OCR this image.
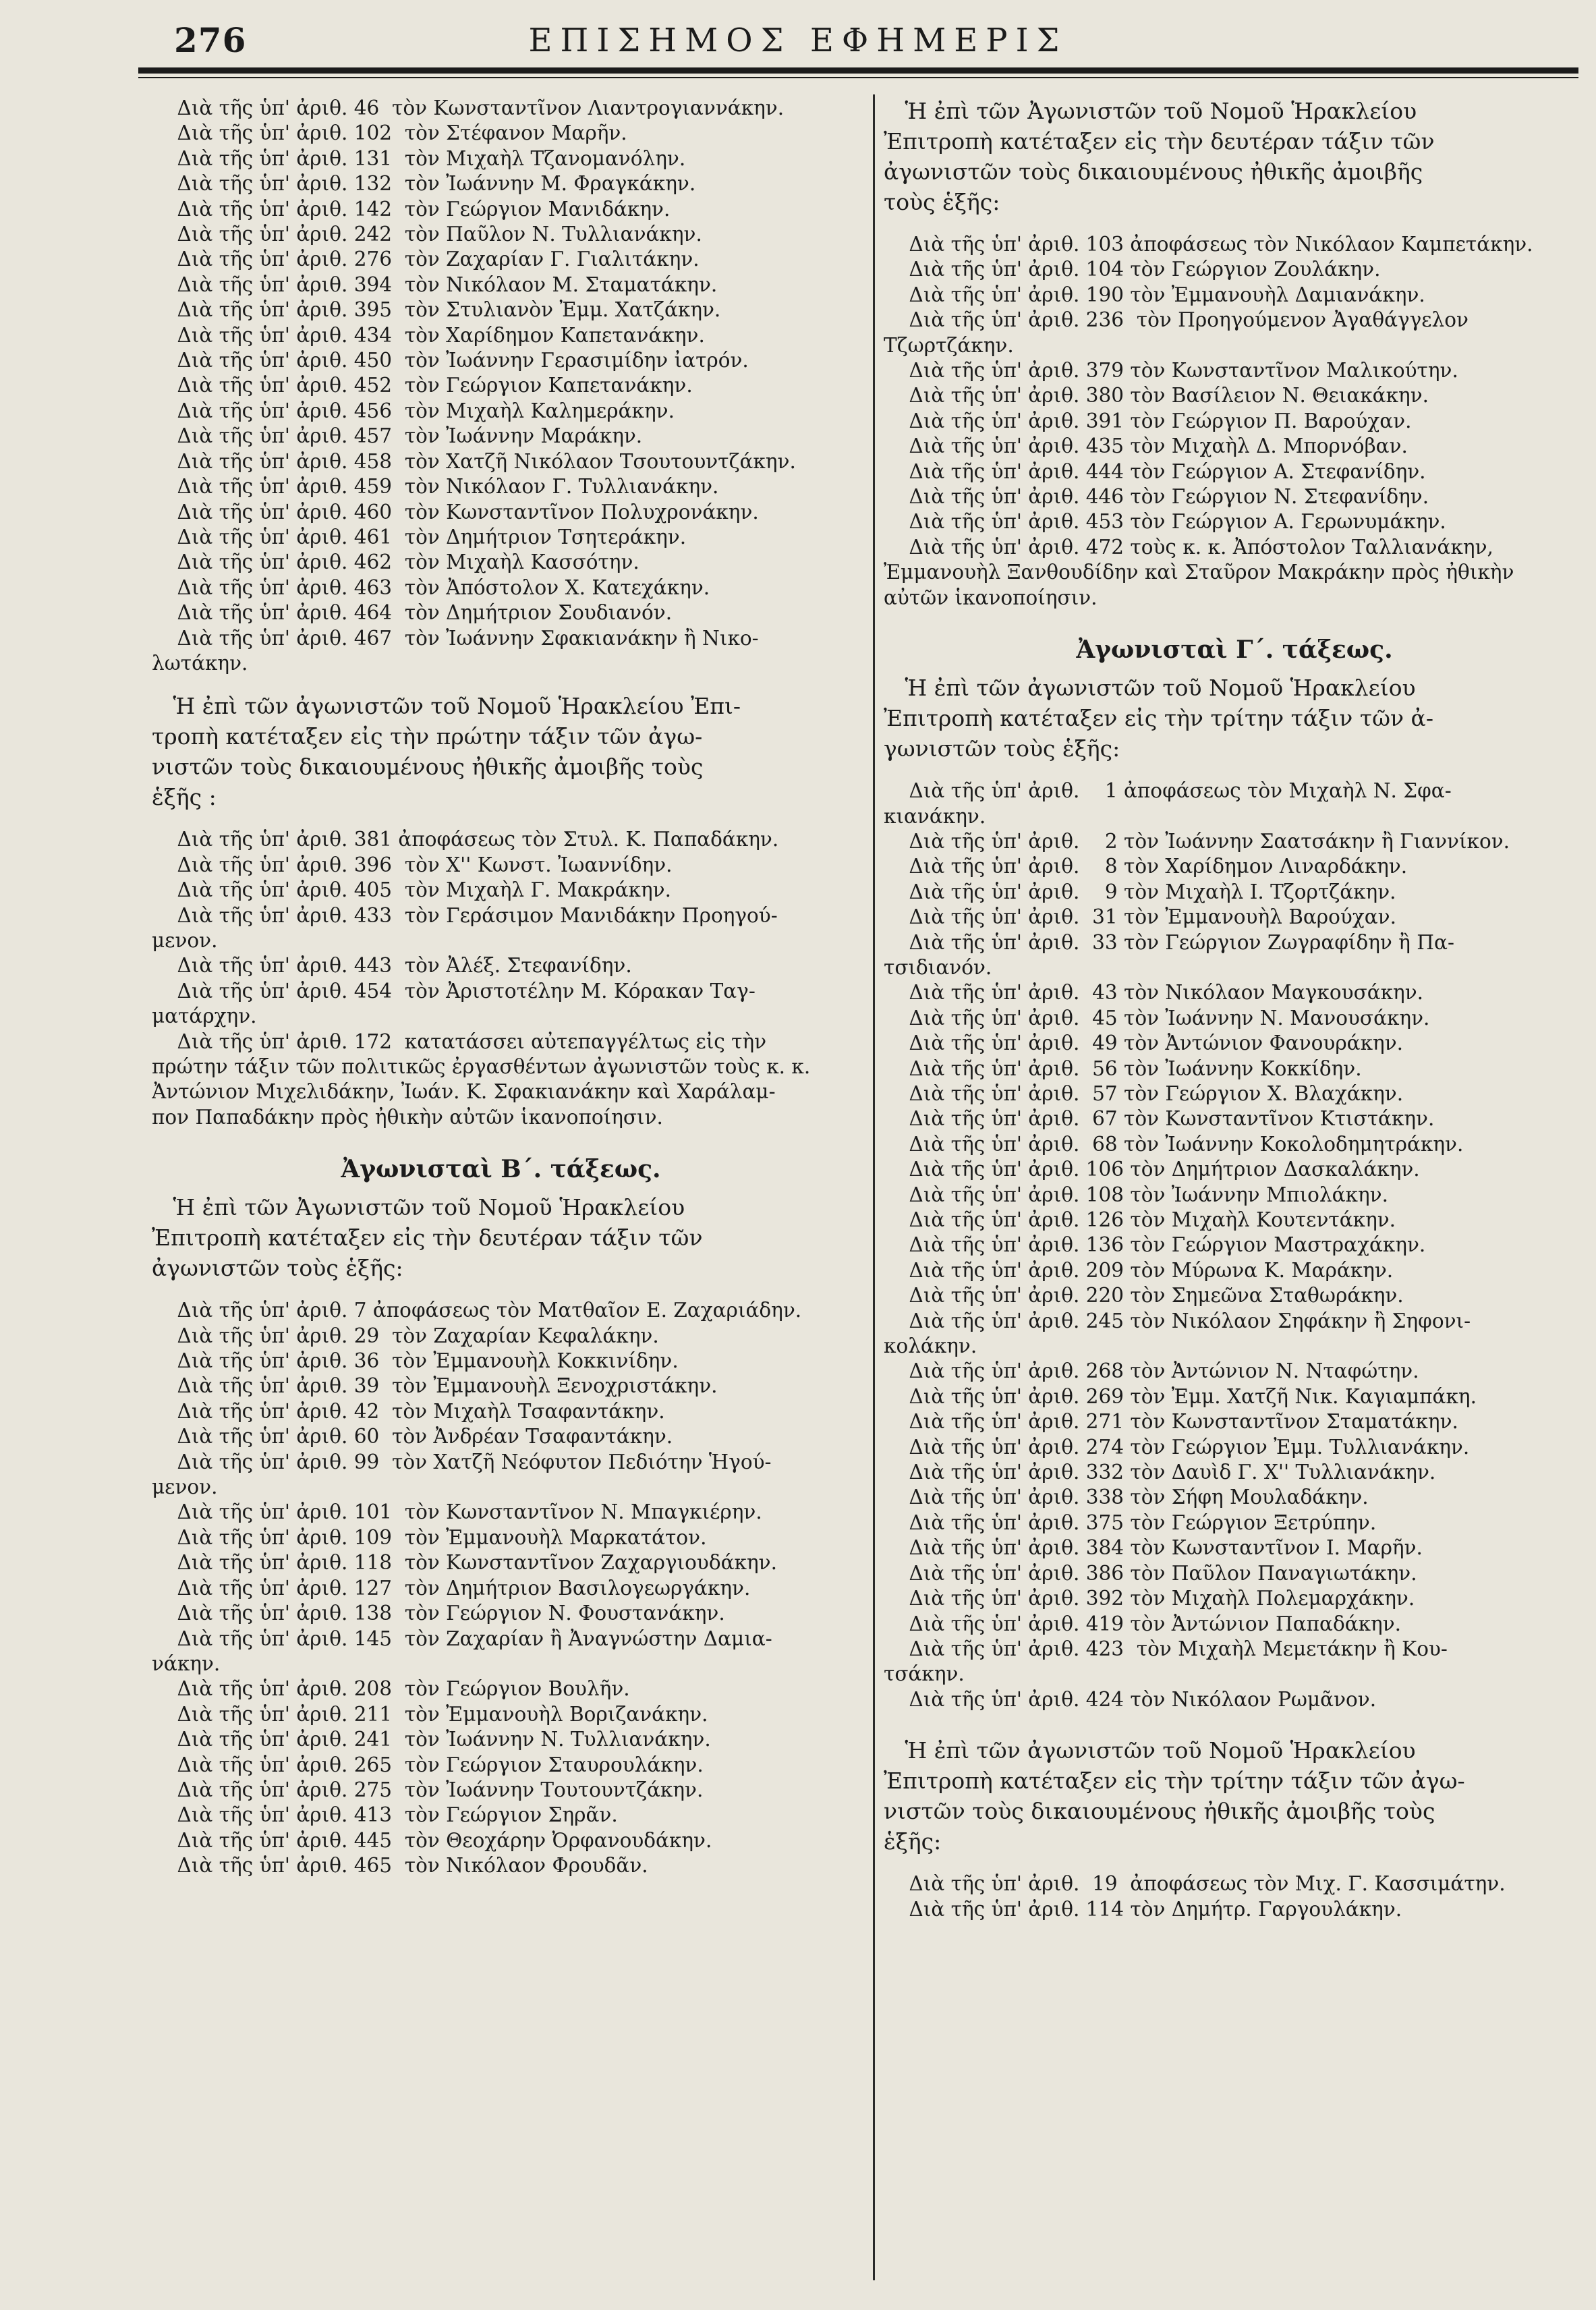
276	ΕΠΙΣΗΜΟΣ ΕΦΗΜΕΡΙΣ
Διὰ τῆς ὑπ' ἀριθ. 46  τὸν Κωνσταντῖνον Λιαντρογιαννάκην.
Διὰ τῆς ὑπ' ἀριθ. 102  τὸν Στέφανον Μαρῆν.
Διὰ τῆς ὑπ' ἀριθ. 131  τὸν Μιχαὴλ Τζανομανόλην.
Διὰ τῆς ὑπ' ἀριθ. 132  τὸν Ἰωάννην Μ. Φραγκάκην.
Διὰ τῆς ὑπ' ἀριθ. 142  τὸν Γεώργιον Μανιδάκην.
Διὰ τῆς ὑπ' ἀριθ. 242  τὸν Παῦλον Ν. Τυλλιανάκην.
Διὰ τῆς ὑπ' ἀριθ. 276  τὸν Ζαχαρίαν Γ. Γιαλιτάκην.
Διὰ τῆς ὑπ' ἀριθ. 394  τὸν Νικόλαον Μ. Σταματάκην.
Διὰ τῆς ὑπ' ἀριθ. 395  τὸν Στυλιανὸν Ἐμμ. Χατζάκην.
Διὰ τῆς ὑπ' ἀριθ. 434  τὸν Χαρίδημον Καπετανάκην.
Διὰ τῆς ὑπ' ἀριθ. 450  τὸν Ἰωάννην Γερασιμίδην ἰατρόν.
Διὰ τῆς ὑπ' ἀριθ. 452  τὸν Γεώργιον Καπετανάκην.
Διὰ τῆς ὑπ' ἀριθ. 456  τὸν Μιχαὴλ Καλημεράκην.
Διὰ τῆς ὑπ' ἀριθ. 457  τὸν Ἰωάννην Μαράκην.
Διὰ τῆς ὑπ' ἀριθ. 458  τὸν Χατζῆ Νικόλαον Τσουτουντζάκην.
Διὰ τῆς ὑπ' ἀριθ. 459  τὸν Νικόλαον Γ. Τυλλιανάκην.
Διὰ τῆς ὑπ' ἀριθ. 460  τὸν Κωνσταντῖνον Πολυχρονάκην.
Διὰ τῆς ὑπ' ἀριθ. 461  τὸν Δημήτριον Τσητεράκην.
Διὰ τῆς ὑπ' ἀριθ. 462  τὸν Μιχαὴλ Κασσότην.
Διὰ τῆς ὑπ' ἀριθ. 463  τὸν Ἀπόστολον Χ. Κατεχάκην.
Διὰ τῆς ὑπ' ἀριθ. 464  τὸν Δημήτριον Σουδιανόν.
Διὰ τῆς ὑπ' ἀριθ. 467  τὸν Ἰωάννην Σφακιανάκην ἢ Νικο-
λωτάκην.
Ἡ ἐπὶ τῶν ἀγωνιστῶν τοῦ Νομοῦ Ἡρακλείου Ἐπι-
τροπὴ κατέταξεν εἰς τὴν πρώτην τάξιν τῶν ἀγω-
νιστῶν τοὺς δικαιουμένους ἠθικῆς ἀμοιβῆς τοὺς
ἑξῆς :
Διὰ τῆς ὑπ' ἀριθ. 381 ἀποφάσεως τὸν Στυλ. Κ. Παπαδάκην.
Διὰ τῆς ὑπ' ἀριθ. 396  τὸν Χ'' Κωνστ. Ἰωαννίδην.
Διὰ τῆς ὑπ' ἀριθ. 405  τὸν Μιχαὴλ Γ. Μακράκην.
Διὰ τῆς ὑπ' ἀριθ. 433  τὸν Γεράσιμον Μανιδάκην Προηγού-
μενον.
Διὰ τῆς ὑπ' ἀριθ. 443  τὸν Ἀλέξ. Στεφανίδην.
Διὰ τῆς ὑπ' ἀριθ. 454  τὸν Ἀριστοτέλην Μ. Κόρακαν Ταγ-
ματάρχην.
Διὰ τῆς ὑπ' ἀριθ. 172  κατατάσσει αὐτεπαγγέλτως εἰς τὴν
πρώτην τάξιν τῶν πολιτικῶς ἐργασθέντων ἀγωνιστῶν τοὺς κ. κ.
Ἀντώνιον Μιχελιδάκην, Ἰωάν. Κ. Σφακιανάκην καὶ Χαράλαμ-
πον Παπαδάκην πρὸς ἠθικὴν αὐτῶν ἱκανοποίησιν.
Ἀγωνισταὶ Β΄. τάξεως.
Ἡ ἐπὶ τῶν Ἀγωνιστῶν τοῦ Νομοῦ Ἡρακλείου
Ἐπιτροπὴ κατέταξεν εἰς τὴν δευτέραν τάξιν τῶν
ἀγωνιστῶν τοὺς ἑξῆς:
Διὰ τῆς ὑπ' ἀριθ. 7 ἀποφάσεως τὸν Ματθαῖον Ε. Ζαχαριάδην.
Διὰ τῆς ὑπ' ἀριθ. 29  τὸν Ζαχαρίαν Κεφαλάκην.
Διὰ τῆς ὑπ' ἀριθ. 36  τὸν Ἐμμανουὴλ Κοκκινίδην.
Διὰ τῆς ὑπ' ἀριθ. 39  τὸν Ἐμμανουὴλ Ξενοχριστάκην.
Διὰ τῆς ὑπ' ἀριθ. 42  τὸν Μιχαὴλ Τσαφαντάκην.
Διὰ τῆς ὑπ' ἀριθ. 60  τὸν Ἀνδρέαν Τσαφαντάκην.
Διὰ τῆς ὑπ' ἀριθ. 99  τὸν Χατζῆ Νεόφυτον Πεδιότην Ἡγού-
μενον.
Διὰ τῆς ὑπ' ἀριθ. 101  τὸν Κωνσταντῖνον Ν. Μπαγκιέρην.
Διὰ τῆς ὑπ' ἀριθ. 109  τὸν Ἐμμανουὴλ Μαρκατάτον.
Διὰ τῆς ὑπ' ἀριθ. 118  τὸν Κωνσταντῖνον Ζαχαργιουδάκην.
Διὰ τῆς ὑπ' ἀριθ. 127  τὸν Δημήτριον Βασιλογεωργάκην.
Διὰ τῆς ὑπ' ἀριθ. 138  τὸν Γεώργιον Ν. Φουστανάκην.
Διὰ τῆς ὑπ' ἀριθ. 145  τὸν Ζαχαρίαν ἢ Ἀναγνώστην Δαμια-
νάκην.
Διὰ τῆς ὑπ' ἀριθ. 208  τὸν Γεώργιον Βουλῆν.
Διὰ τῆς ὑπ' ἀριθ. 211  τὸν Ἐμμανουὴλ Βοριζανάκην.
Διὰ τῆς ὑπ' ἀριθ. 241  τὸν Ἰωάννην Ν. Τυλλιανάκην.
Διὰ τῆς ὑπ' ἀριθ. 265  τὸν Γεώργιον Σταυρουλάκην.
Διὰ τῆς ὑπ' ἀριθ. 275  τὸν Ἰωάννην Τουτουντζάκην.
Διὰ τῆς ὑπ' ἀριθ. 413  τὸν Γεώργιον Σηρᾶν.
Διὰ τῆς ὑπ' ἀριθ. 445  τὸν Θεοχάρην Ὀρφανουδάκην.
Διὰ τῆς ὑπ' ἀριθ. 465  τὸν Νικόλαον Φρουδᾶν.
Ἡ ἐπὶ τῶν Ἀγωνιστῶν τοῦ Νομοῦ Ἡρακλείου
Ἐπιτροπὴ κατέταξεν εἰς τὴν δευτέραν τάξιν τῶν
ἀγωνιστῶν τοὺς δικαιουμένους ἠθικῆς ἀμοιβῆς
τοὺς ἑξῆς:
Διὰ τῆς ὑπ' ἀριθ. 103 ἀποφάσεως τὸν Νικόλαον Καμπετάκην.
Διὰ τῆς ὑπ' ἀριθ. 104 τὸν Γεώργιον Ζουλάκην.
Διὰ τῆς ὑπ' ἀριθ. 190 τὸν Ἐμμανουὴλ Δαμιανάκην.
Διὰ τῆς ὑπ' ἀριθ. 236  τὸν Προηγούμενον Ἀγαθάγγελον
Τζωρτζάκην.
Διὰ τῆς ὑπ' ἀριθ. 379 τὸν Κωνσταντῖνον Μαλικούτην.
Διὰ τῆς ὑπ' ἀριθ. 380 τὸν Βασίλειον Ν. Θειακάκην.
Διὰ τῆς ὑπ' ἀριθ. 391 τὸν Γεώργιον Π. Βαρούχαν.
Διὰ τῆς ὑπ' ἀριθ. 435 τὸν Μιχαὴλ Δ. Μπορνόβαν.
Διὰ τῆς ὑπ' ἀριθ. 444 τὸν Γεώργιον Α. Στεφανίδην.
Διὰ τῆς ὑπ' ἀριθ. 446 τὸν Γεώργιον Ν. Στεφανίδην.
Διὰ τῆς ὑπ' ἀριθ. 453 τὸν Γεώργιον Α. Γερωνυμάκην.
Διὰ τῆς ὑπ' ἀριθ. 472 τοὺς κ. κ. Ἀπόστολον Ταλλιανάκην,
Ἐμμανουὴλ Ξανθουδίδην καὶ Σταῦρον Μακράκην πρὸς ἠθικὴν
αὐτῶν ἱκανοποίησιν.
Ἀγωνισταὶ Γ΄. τάξεως.
Ἡ ἐπὶ τῶν ἀγωνιστῶν τοῦ Νομοῦ Ἡρακλείου
Ἐπιτροπὴ κατέταξεν εἰς τὴν τρίτην τάξιν τῶν ἀ-
γωνιστῶν τοὺς ἑξῆς:
Διὰ τῆς ὑπ' ἀριθ.    1 ἀποφάσεως τὸν Μιχαὴλ Ν. Σφα-
κιανάκην.
Διὰ τῆς ὑπ' ἀριθ.    2 τὸν Ἰωάννην Σαατσάκην ἢ Γιαννίκον.
Διὰ τῆς ὑπ' ἀριθ.    8 τὸν Χαρίδημον Λιναρδάκην.
Διὰ τῆς ὑπ' ἀριθ.    9 τὸν Μιχαὴλ Ι. Τζορτζάκην.
Διὰ τῆς ὑπ' ἀριθ.  31 τὸν Ἐμμανουὴλ Βαρούχαν.
Διὰ τῆς ὑπ' ἀριθ.  33 τὸν Γεώργιον Ζωγραφίδην ἢ Πα-
τσιδιανόν.
Διὰ τῆς ὑπ' ἀριθ.  43 τὸν Νικόλαον Μαγκουσάκην.
Διὰ τῆς ὑπ' ἀριθ.  45 τὸν Ἰωάννην Ν. Μανουσάκην.
Διὰ τῆς ὑπ' ἀριθ.  49 τὸν Ἀντώνιον Φανουράκην.
Διὰ τῆς ὑπ' ἀριθ.  56 τὸν Ἰωάννην Κοκκίδην.
Διὰ τῆς ὑπ' ἀριθ.  57 τὸν Γεώργιον Χ. Βλαχάκην.
Διὰ τῆς ὑπ' ἀριθ.  67 τὸν Κωνσταντῖνον Κτιστάκην.
Διὰ τῆς ὑπ' ἀριθ.  68 τὸν Ἰωάννην Κοκολοδημητράκην.
Διὰ τῆς ὑπ' ἀριθ. 106 τὸν Δημήτριον Δασκαλάκην.
Διὰ τῆς ὑπ' ἀριθ. 108 τὸν Ἰωάννην Μπιολάκην.
Διὰ τῆς ὑπ' ἀριθ. 126 τὸν Μιχαὴλ Κουτεντάκην.
Διὰ τῆς ὑπ' ἀριθ. 136 τὸν Γεώργιον Μαστραχάκην.
Διὰ τῆς ὑπ' ἀριθ. 209 τὸν Μύρωνα Κ. Μαράκην.
Διὰ τῆς ὑπ' ἀριθ. 220 τὸν Σημεῶνα Σταθωράκην.
Διὰ τῆς ὑπ' ἀριθ. 245 τὸν Νικόλαον Σηφάκην ἢ Σηφονι-
κολάκην.
Διὰ τῆς ὑπ' ἀριθ. 268 τὸν Ἀντώνιον Ν. Νταφώτην.
Διὰ τῆς ὑπ' ἀριθ. 269 τὸν Ἐμμ. Χατζῆ Νικ. Καγιαμπάκη.
Διὰ τῆς ὑπ' ἀριθ. 271 τὸν Κωνσταντῖνον Σταματάκην.
Διὰ τῆς ὑπ' ἀριθ. 274 τὸν Γεώργιον Ἐμμ. Τυλλιανάκην.
Διὰ τῆς ὑπ' ἀριθ. 332 τὸν Δαυὶδ Γ. Χ'' Τυλλιανάκην.
Διὰ τῆς ὑπ' ἀριθ. 338 τὸν Σήφη Μουλαδάκην.
Διὰ τῆς ὑπ' ἀριθ. 375 τὸν Γεώργιον Ξετρύπην.
Διὰ τῆς ὑπ' ἀριθ. 384 τὸν Κωνσταντῖνον Ι. Μαρῆν.
Διὰ τῆς ὑπ' ἀριθ. 386 τὸν Παῦλον Παναγιωτάκην.
Διὰ τῆς ὑπ' ἀριθ. 392 τὸν Μιχαὴλ Πολεμαρχάκην.
Διὰ τῆς ὑπ' ἀριθ. 419 τὸν Ἀντώνιον Παπαδάκην.
Διὰ τῆς ὑπ' ἀριθ. 423  τὸν Μιχαὴλ Μεμετάκην ἢ Κου-
τσάκην.
Διὰ τῆς ὑπ' ἀριθ. 424 τὸν Νικόλαον Ρωμᾶνον.
Ἡ ἐπὶ τῶν ἀγωνιστῶν τοῦ Νομοῦ Ἡρακλείου
Ἐπιτροπὴ κατέταξεν εἰς τὴν τρίτην τάξιν τῶν ἀγω-
νιστῶν τοὺς δικαιουμένους ἠθικῆς ἀμοιβῆς τοὺς
ἑξῆς:
Διὰ τῆς ὑπ' ἀριθ.  19  ἀποφάσεως τὸν Μιχ. Γ. Κασσιμάτην.
Διὰ τῆς ὑπ' ἀριθ. 114 τὸν Δημήτρ. Γαργουλάκην.
